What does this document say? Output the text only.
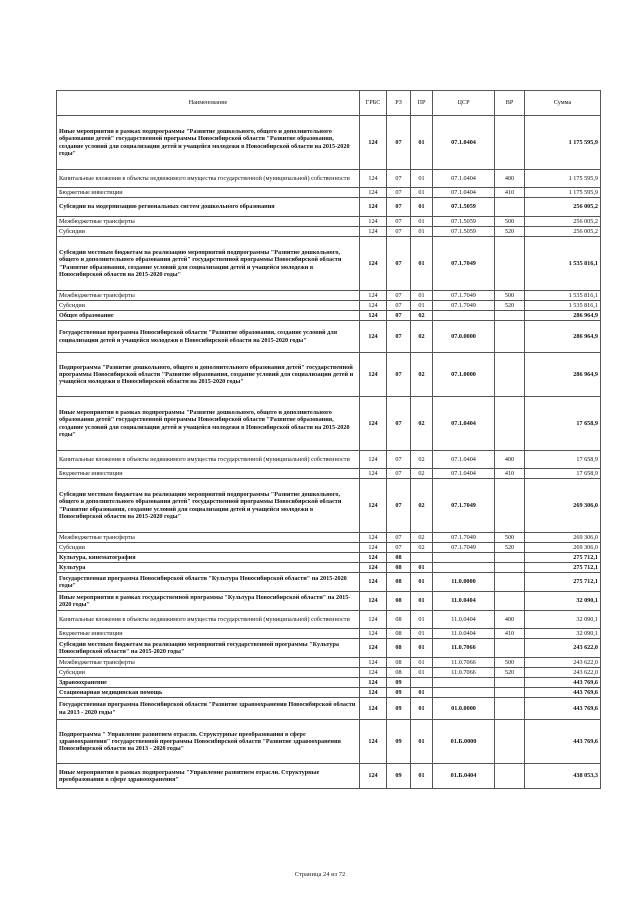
Наименование	ГРБС	РЗ	ПР	ЦСР	ВР	Сумма
Иные мероприятия в рамках подпрограммы "Развитие дошкольного, общего и дополнительного образования детей" государственной программы Новосибирской области "Развитие образования, создание условий для социализации детей и учащейся молодежи в Новосибирской области на 2015-2020 годы"	124	07	01	07.1.0404		1 175 595,9
Капитальные вложения в объекты недвижимого имущества государственной (муниципальной) собственности	124	07	01	07.1.0404	400	1 175 595,9
Бюджетные инвестиции	124	07	01	07.1.0404	410	1 175 595,9
Субсидии на модернизацию региональных систем дошкольного образования	124	07	01	07.1.5059		256 005,2
Межбюджетные трансферты	124	07	01	07.1.5059	500	256 005,2
Субсидии	124	07	01	07.1.5059	520	256 005,2
Субсидии местным бюджетам на реализацию мероприятий подпрограммы "Развитие дошкольного, общего и дополнительного образования детей" государственной программы Новосибирской области "Развитие образования, создание условий для социализации детей и учащейся молодежи в Новосибирской области на 2015-2020 годы"	124	07	01	07.1.7049		1 535 816,1
Межбюджетные трансферты	124	07	01	07.1.7049	500	1 535 816,1
Субсидии	124	07	01	07.1.7049	520	1 535 816,1
Общее образование	124	07	02			286 964,9
Государственная программа Новосибирской области "Развитие образования, создание условий для социализации детей и учащейся молодежи в Новосибирской области на 2015-2020 годы"	124	07	02	07.0.0000		286 964,9
Подпрограмма "Развитие дошкольного, общего и дополнительного образования детей" государственной программы Новосибирской области "Развитие образования, создание условий для социализации детей и учащейся молодежи в Новосибирской области на 2015-2020 годы"	124	07	02	07.1.0000		286 964,9
Иные мероприятия в рамках подпрограммы "Развитие дошкольного, общего и дополнительного образования детей" государственной программы Новосибирской области "Развитие образования, создание условий для социализации детей и учащейся молодежи в Новосибирской области на 2015-2020 годы"	124	07	02	07.1.0404		17 658,9
Капитальные вложения в объекты недвижимого имущества государственной (муниципальной) собственности	124	07	02	07.1.0404	400	17 658,9
Бюджетные инвестиции	124	07	02	07.1.0404	410	17 658,9
Субсидии местным бюджетам на реализацию мероприятий подпрограммы "Развитие дошкольного, общего и дополнительного образования детей" государственной программы Новосибирской области "Развитие образования, создание условий для социализации детей и учащейся молодежи в Новосибирской области на 2015-2020 годы"	124	07	02	07.1.7049		269 306,0
Межбюджетные трансферты	124	07	02	07.1.7049	500	269 306,0
Субсидии	124	07	02	07.1.7049	520	269 306,0
Культура, кинематография	124	08				275 712,1
Культура	124	08	01			275 712,1
Государственная программа Новосибирской области "Культура Новосибирской области" на 2015-2020 годы"	124	08	01	11.0.0000		275 712,1
Иные мероприятия в рамках государственной программы "Культура Новосибирской области" на 2015-2020 годы"	124	08	01	11.0.0404		32 090,1
Капитальные вложения в объекты недвижимого имущества государственной (муниципальной) собственности	124	08	01	11.0.0404	400	32 090,1
Бюджетные инвестиции	124	08	01	11.0.0404	410	32 090,1
Субсидии местным бюджетам на реализацию мероприятий государственной программы "Культура Новосибирской области" на 2015-2020 годы"	124	08	01	11.0.7066		243 622,0
Межбюджетные трансферты	124	08	01	11.0.7066	500	243 622,0
Субсидии	124	08	01	11.0.7066	520	243 622,0
Здравоохранение	124	09				443 769,6
Стационарная медицинская помощь	124	09	01			443 769,6
Государственная программа Новосибирской области "Развитие здравоохранения Новосибирской области на 2013 - 2020 годы"	124	09	01	01.0.0000		443 769,6
Подпрограмма " Управление развитием отрасли. Структурные преобразования в сфере здравоохранения" государственной программы Новосибирской области "Развитие здравоохранения Новосибирской области на 2013 - 2020 годы"	124	09	01	01.Б.0000		443 769,6
Иные мероприятия в рамках подпрограммы "Управление развитием отрасли. Структурные преобразования в сфере здравоохранения"	124	09	01	01.Б.0404		438 053,3
Страница 24 из 72
